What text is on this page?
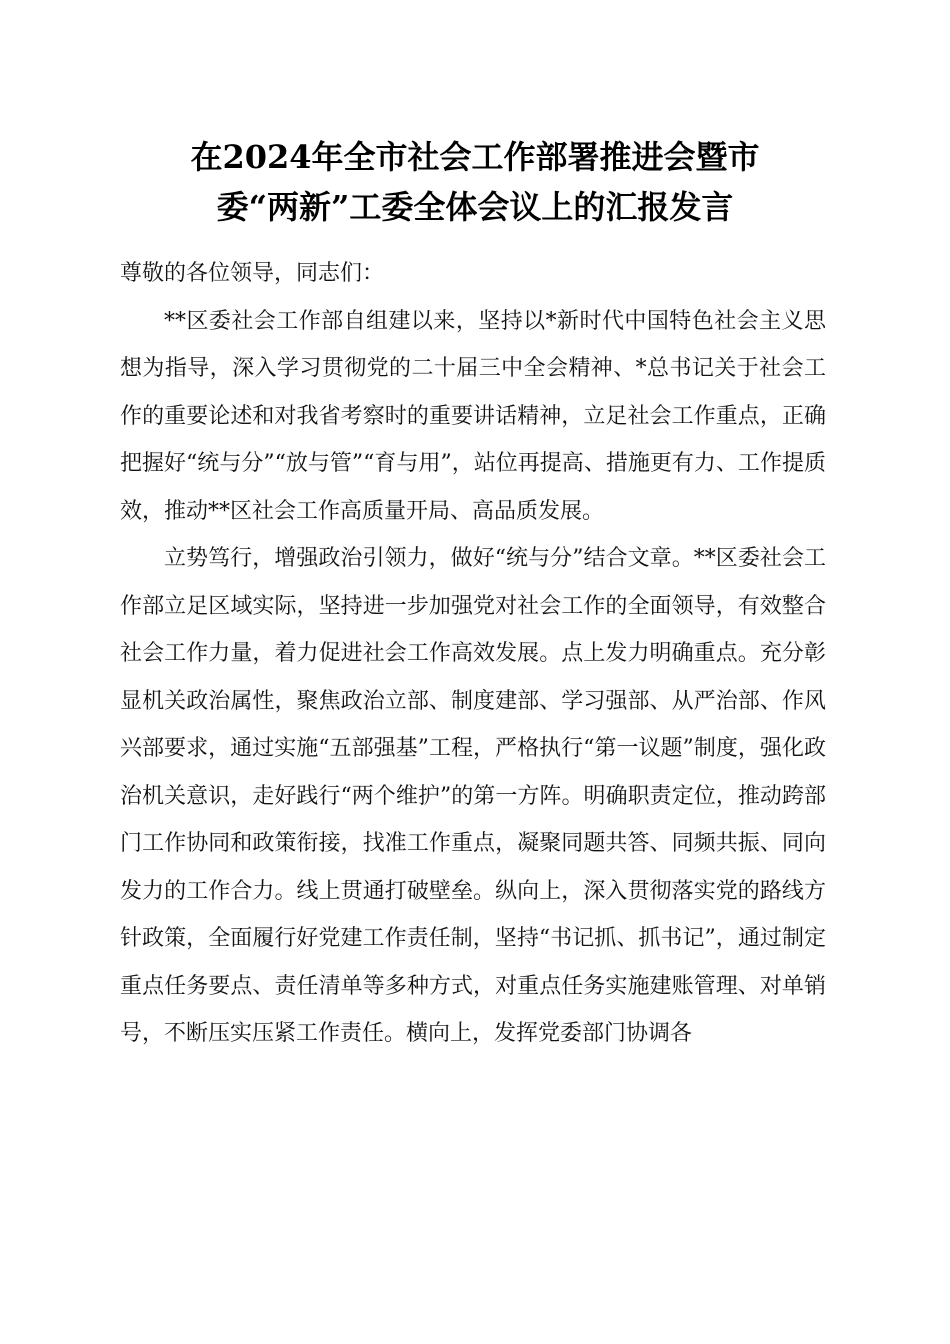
在2024年全市社会工作部署推进会暨市
委“两新”工委全体会议上的汇报发言

尊敬的各位领导，同志们：

**区委社会工作部自组建以来，坚持以*新时代中国特色社会主义思想为指导，深入学习贯彻党的二十届三中全会精神、*总书记关于社会工作的重要论述和对我省考察时的重要讲话精神，立足社会工作重点，正确把握好“统与分”“放与管”“育与用”，站位再提高、措施更有力、工作提质效，推动**区社会工作高质量开局、高品质发展。

立势笃行，增强政治引领力，做好“统与分”结合文章。**区委社会工作部立足区域实际，坚持进一步加强党对社会工作的全面领导，有效整合社会工作力量，着力促进社会工作高效发展。点上发力明确重点。充分彰显机关政治属性，聚焦政治立部、制度建部、学习强部、从严治部、作风兴部要求，通过实施“五部强基”工程，严格执行“第一议题”制度，强化政治机关意识，走好践行“两个维护”的第一方阵。明确职责定位，推动跨部门工作协同和政策衔接，找准工作重点，凝聚同题共答、同频共振、同向发力的工作合力。线上贯通打破壁垒。纵向上，深入贯彻落实党的路线方针政策，全面履行好党建工作责任制，坚持“书记抓、抓书记”，通过制定重点任务要点、责任清单等多种方式，对重点任务实施建账管理、对单销号，不断压实压紧工作责任。横向上，发挥党委部门协调各
